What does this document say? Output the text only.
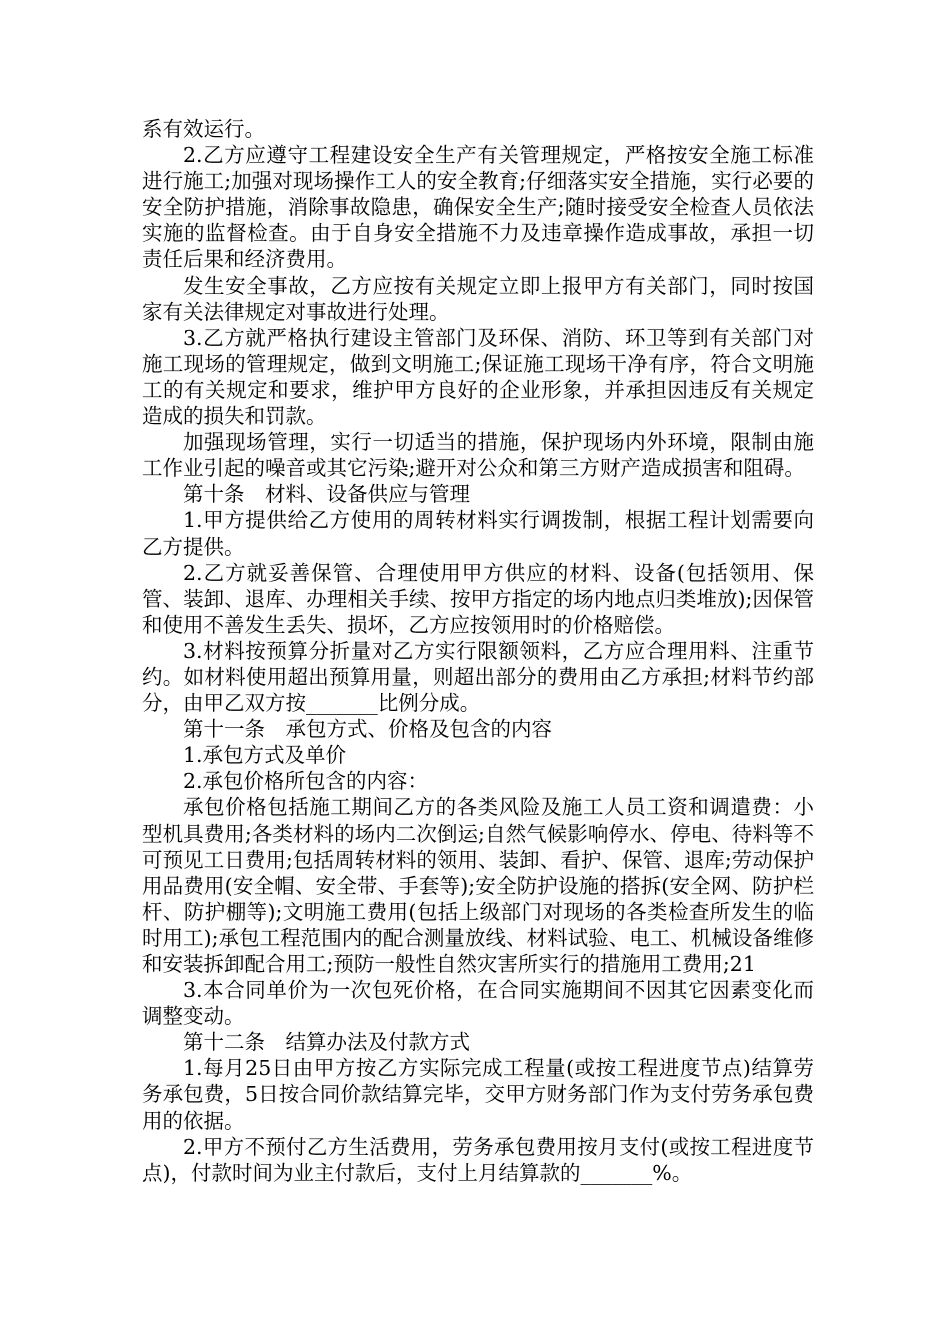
系有效运行。

2.乙方应遵守工程建设安全生产有关管理规定，严格按安全施工标准进行施工;加强对现场操作工人的安全教育;仔细落实安全措施，实行必要的安全防护措施，消除事故隐患，确保安全生产;随时接受安全检查人员依法实施的监督检查。由于自身安全措施不力及违章操作造成事故，承担一切责任后果和经济费用。

发生安全事故，乙方应按有关规定立即上报甲方有关部门，同时按国家有关法律规定对事故进行处理。

3.乙方就严格执行建设主管部门及环保、消防、环卫等到有关部门对施工现场的管理规定，做到文明施工;保证施工现场干净有序，符合文明施工的有关规定和要求，维护甲方良好的企业形象，并承担因违反有关规定造成的损失和罚款。

加强现场管理，实行一切适当的措施，保护现场内外环境，限制由施工作业引起的噪音或其它污染;避开对公众和第三方财产造成损害和阻碍。

第十条　材料、设备供应与管理

1.甲方提供给乙方使用的周转材料实行调拨制，根据工程计划需要向乙方提供。

2.乙方就妥善保管、合理使用甲方供应的材料、设备(包括领用、保管、装卸、退库、办理相关手续、按甲方指定的场内地点归类堆放);因保管和使用不善发生丢失、损坏，乙方应按领用时的价格赔偿。

3.材料按预算分折量对乙方实行限额领料，乙方应合理用料、注重节约。如材料使用超出预算用量，则超出部分的费用由乙方承担;材料节约部分，由甲乙双方按_______比例分成。

第十一条　承包方式、价格及包含的内容

1.承包方式及单价

2.承包价格所包含的内容：

承包价格包括施工期间乙方的各类风险及施工人员工资和调遣费：小型机具费用;各类材料的场内二次倒运;自然气候影响停水、停电、待料等不可预见工日费用;包括周转材料的领用、装卸、看护、保管、退库;劳动保护用品费用(安全帽、安全带、手套等);安全防护设施的搭拆(安全网、防护栏杆、防护棚等);文明施工费用(包括上级部门对现场的各类检查所发生的临时用工);承包工程范围内的配合测量放线、材料试验、电工、机械设备维修和安装拆卸配合用工;预防一般性自然灾害所实行的措施用工费用;21

3.本合同单价为一次包死价格，在合同实施期间不因其它因素变化而调整变动。

第十二条　结算办法及付款方式

1.每月25日由甲方按乙方实际完成工程量(或按工程进度节点)结算劳务承包费，5日按合同价款结算完毕，交甲方财务部门作为支付劳务承包费用的依据。

2.甲方不预付乙方生活费用，劳务承包费用按月支付(或按工程进度节点)，付款时间为业主付款后，支付上月结算款的_______%。
